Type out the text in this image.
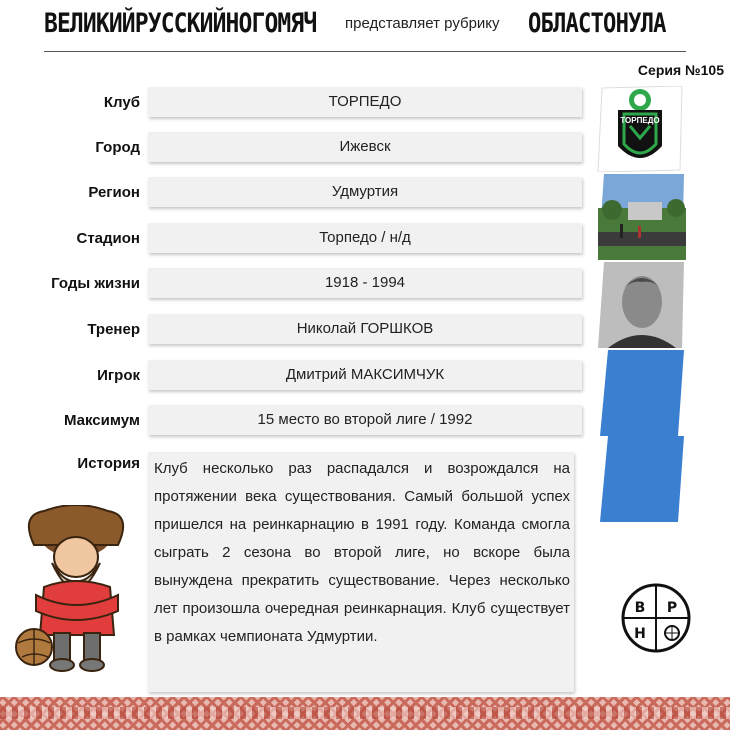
ВЕЛИКИЙРУССКИЙНОГОМЯЧ представляет рубрику ОБЛАСТОНУЛА
Серия №105
Клуб	ТОРПЕДО
Город	Ижевск
Регион	Удмуртия
Стадион	Торпедо / н/д
Годы жизни	1918 - 1994
Тренер	Николай ГОРШКОВ
Игрок	Дмитрий МАКСИМЧУК
Максимум	15 место во второй лиге / 1992
История Клуб несколько раз распадался и возрождался на протяжении века существования. Самый большой успех пришелся на реинкарнацию в 1991 году. Команда смогла сыграть 2 сезона во второй лиге, но вскоре была вынуждена прекратить существование. Через несколько лет произошла очередная реинкарнация. Клуб существует в рамках чемпионата Удмуртии.
ТОРПЕДО
В Р
Н
